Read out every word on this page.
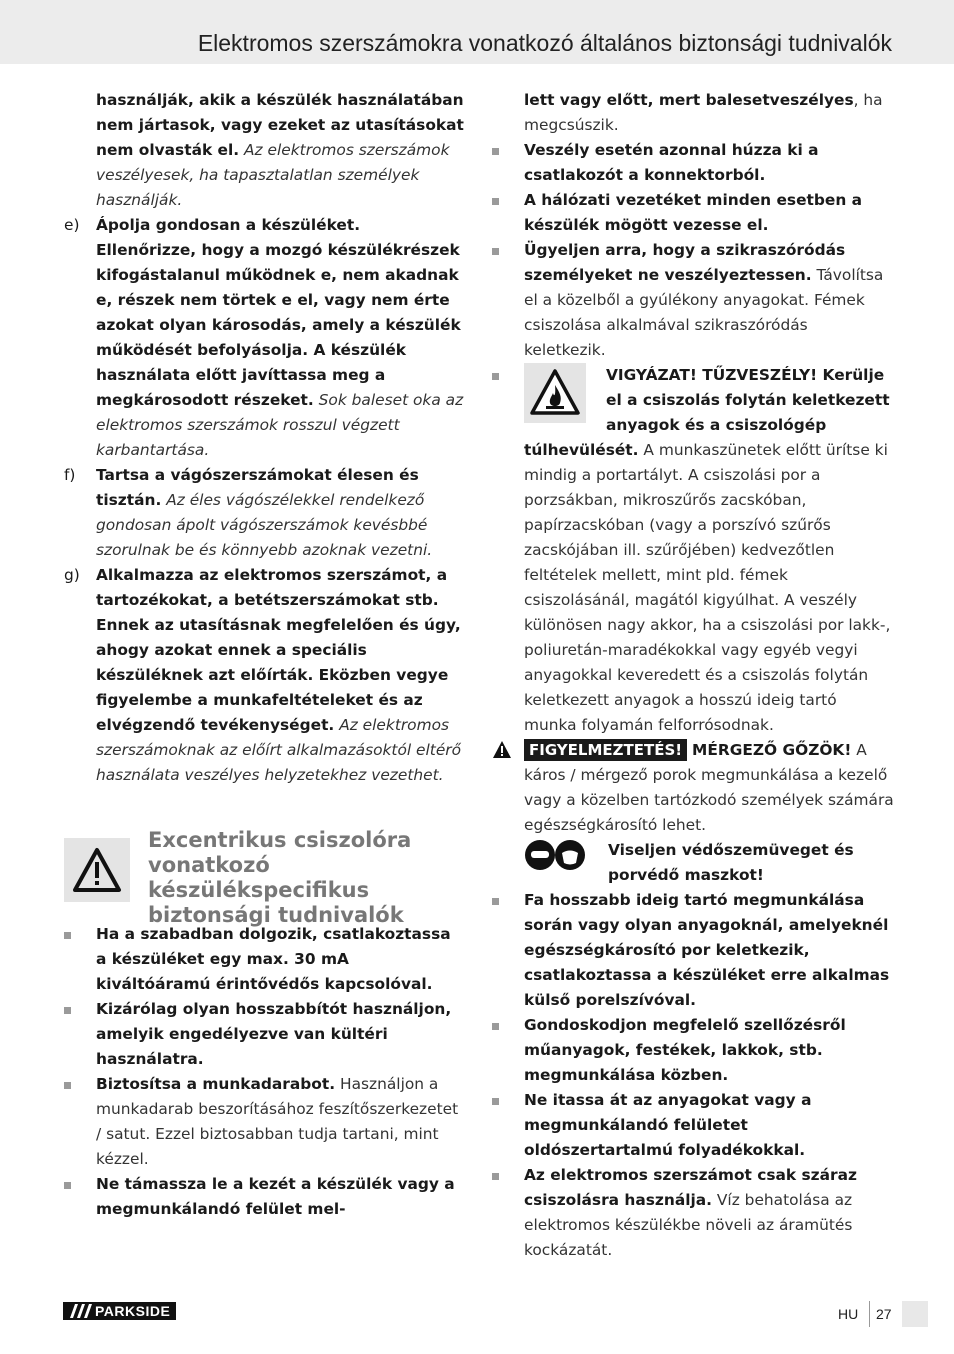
Elektromos szerszámokra vonatkozó általános biztonsági tudnivalók

használják, akik a készülék használatában nem jártasok, vagy ezeket az utasításokat nem olvasták el. Az elektromos szerszámok veszélyesek, ha tapasztalatlan személyek használják.

e)	Ápolja gondosan a készüléket. Ellenőrizze, hogy a mozgó készülékrészek kifogástalanul működnek e, nem akadnak e, részek nem törtek e el, vagy nem érte azokat olyan károsodás, amely a készülék működését befolyásolja. A készülék használata előtt javíttassa meg a megkárosodott részeket. Sok baleset oka az elektromos szerszámok rosszul végzett karbantartása.

f)	Tartsa a vágószerszámokat élesen és tisztán. Az éles vágószélekkel rendelkező gondosan ápolt vágószerszámok kevésbbé szorulnak be és könnyebb azoknak vezetni.

g)	Alkalmazza az elektromos szerszámot, a tartozékokat, a betétszerszámokat stb. Ennek az utasításnak megfelelően és úgy, ahogy azokat ennek a speciális készüléknek azt előírták. Eközben vegye figyelembe a munkafeltételeket és az elvégzendő tevékenységet. Az elektromos szerszámoknak az előírt alkalmazásoktól eltérő használata veszélyes helyzetekhez vezethet.

Excentrikus csiszolóra vonatkozó készülékspecifikus biztonsági tudnivalók

Ha a szabadban dolgozik, csatlakoztassa a készüléket egy max. 30 mA kiváltóáramú érintővédős kapcsolóval.

Kizárólag olyan hosszabbítót használjon, amelyik engedélyezve van kültéri használatra.

Biztosítsa a munkadarabot. Használjon a munkadarab beszorításához feszítőszerkezetet / satut. Ezzel biztosabban tudja tartani, mint kézzel.

Ne támassza le a kezét a készülék vagy a megmunkálandó felület mel-

lett vagy előtt, mert balesetveszélyes, ha megcsúszik.

Veszély esetén azonnal húzza ki a csatlakozót a konnektorból.

A hálózati vezetéket minden esetben a készülék mögött vezesse el.

Ügyeljen arra, hogy a szikraszóródás személyeket ne veszélyeztessen. Távolítsa el a közelből a gyúlékony anyagokat. Fémek csiszolása alkalmával szikraszóródás keletkezik.

VIGYÁZAT! TŰZVESZÉLY! Kerülje el a csiszolás folytán keletkezett anyagok és a csiszológép túlhevülését. A munkaszünetek előtt ürítse ki mindig a portartályt. A csiszolási por a porzsákban, mikroszűrős zacskóban, papírzacskóban (vagy a porszívó szűrős zacskójában ill. szűrőjében) kedvezőtlen feltételek mellett, mint pld. fémek csiszolásánál, magától kigyúlhat. A veszély különösen nagy akkor, ha a csiszolási por lakk-, poliuretán-maradékokkal vagy egyéb vegyi anyagokkal keveredett és a csiszolás folytán keletkezett anyagok a hosszú ideig tartó munka folyamán felforrósodnak.

FIGYELMEZTETÉS! MÉRGEZŐ GŐZÖK! A káros / mérgező porok megmunkálása a kezelő vagy a közelben tartózkodó személyek számára egészségkárosító lehet.

Viseljen védőszemüveget és porvédő maszkot!

Fa hosszabb ideig tartó megmunkálása során vagy olyan anyagoknál, amelyeknél egészségkárosító por keletkezik, csatlakoztassa a készüléket erre alkalmas külső porelszívóval.

Gondoskodjon megfelelő szellőzésről műanyagok, festékek, lakkok, stb. megmunkálása közben.

Ne itassa át az anyagokat vagy a megmunkálandó felületet oldószertartalmú folyadékokkal.

Az elektromos szerszámot csak száraz csiszolásra használja. Víz behatolása az elektromos készülékbe növeli az áramütés kockázatát.

PARKSIDE	HU 27
